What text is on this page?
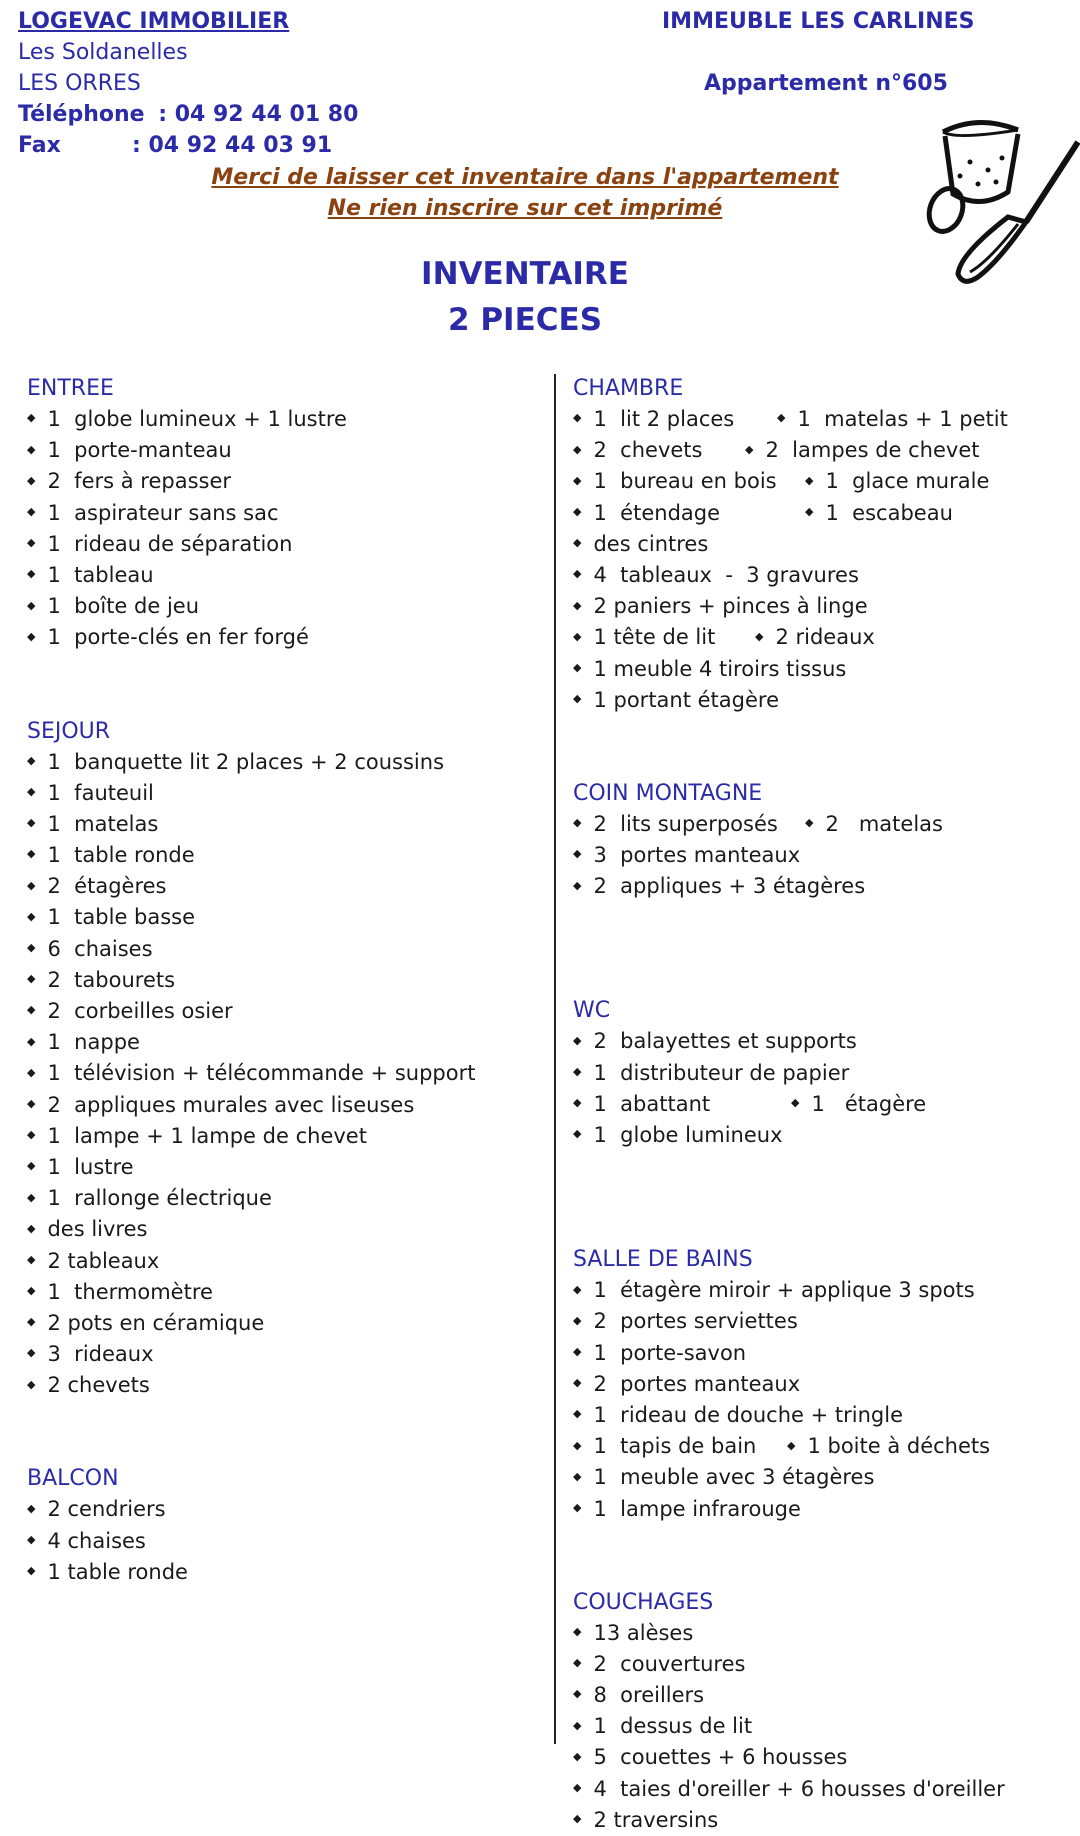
LOGEVAC IMMOBILIER
Les Soldanelles
LES ORRES
Téléphone : 04 92 44 01 80
Fax	: 04 92 44 03 91
IMMEUBLE LES CARLINES
Appartement n°605
Merci de laisser cet inventaire dans l'appartement
Ne rien inscrire sur cet imprimé
INVENTAIRE
2 PIECES
ENTREE
◆ 1  globe lumineux + 1 lustre
◆ 1  porte-manteau
◆ 2  fers à repasser
◆ 1  aspirateur sans sac
◆ 1  rideau de séparation
◆ 1  tableau
◆ 1  boîte de jeu
◆ 1  porte-clés en fer forgé
SEJOUR
◆ 1  banquette lit 2 places + 2 coussins
◆ 1  fauteuil
◆ 1  matelas
◆ 1  table ronde
◆ 2  étagères
◆ 1  table basse
◆ 6  chaises
◆ 2  tabourets
◆ 2  corbeilles osier
◆ 1  nappe
◆ 1  télévision + télécommande + support
◆ 2  appliques murales avec liseuses
◆ 1  lampe + 1 lampe de chevet
◆ 1  lustre
◆ 1  rallonge électrique
◆ des livres
◆ 2 tableaux
◆ 1  thermomètre
◆ 2 pots en céramique
◆ 3  rideaux
◆ 2 chevets
BALCON
◆ 2 cendriers
◆ 4 chaises
◆ 1 table ronde
CHAMBRE
◆ 1  lit 2 places	◆ 1  matelas + 1 petit
◆ 2  chevets	◆ 2  lampes de chevet
◆ 1  bureau en bois	◆ 1  glace murale
◆ 1  étendage	◆ 1  escabeau
◆ des cintres
◆ 4  tableaux  -  3 gravures
◆ 2 paniers + pinces à linge
◆ 1 tête de lit	◆ 2 rideaux
◆ 1 meuble 4 tiroirs tissus
◆ 1 portant étagère
COIN MONTAGNE
◆ 2  lits superposés ◆ 2   matelas
◆ 3  portes manteaux
◆ 2  appliques + 3 étagères
WC
◆ 2  balayettes et supports
◆ 1  distributeur de papier
◆ 1  abattant	◆ 1   étagère
◆ 1  globe lumineux
SALLE DE BAINS
◆ 1  étagère miroir + applique 3 spots
◆ 2  portes serviettes
◆ 1  porte-savon
◆ 2  portes manteaux
◆ 1  rideau de douche + tringle
◆ 1  tapis de bain	◆ 1 boite à déchets
◆ 1  meuble avec 3 étagères
◆ 1  lampe infrarouge
COUCHAGES
◆ 13 alèses
◆ 2  couvertures
◆ 8  oreillers
◆ 1  dessus de lit
◆ 5  couettes + 6 housses
◆ 4  taies d'oreiller + 6 housses d'oreiller
◆ 2 traversins
